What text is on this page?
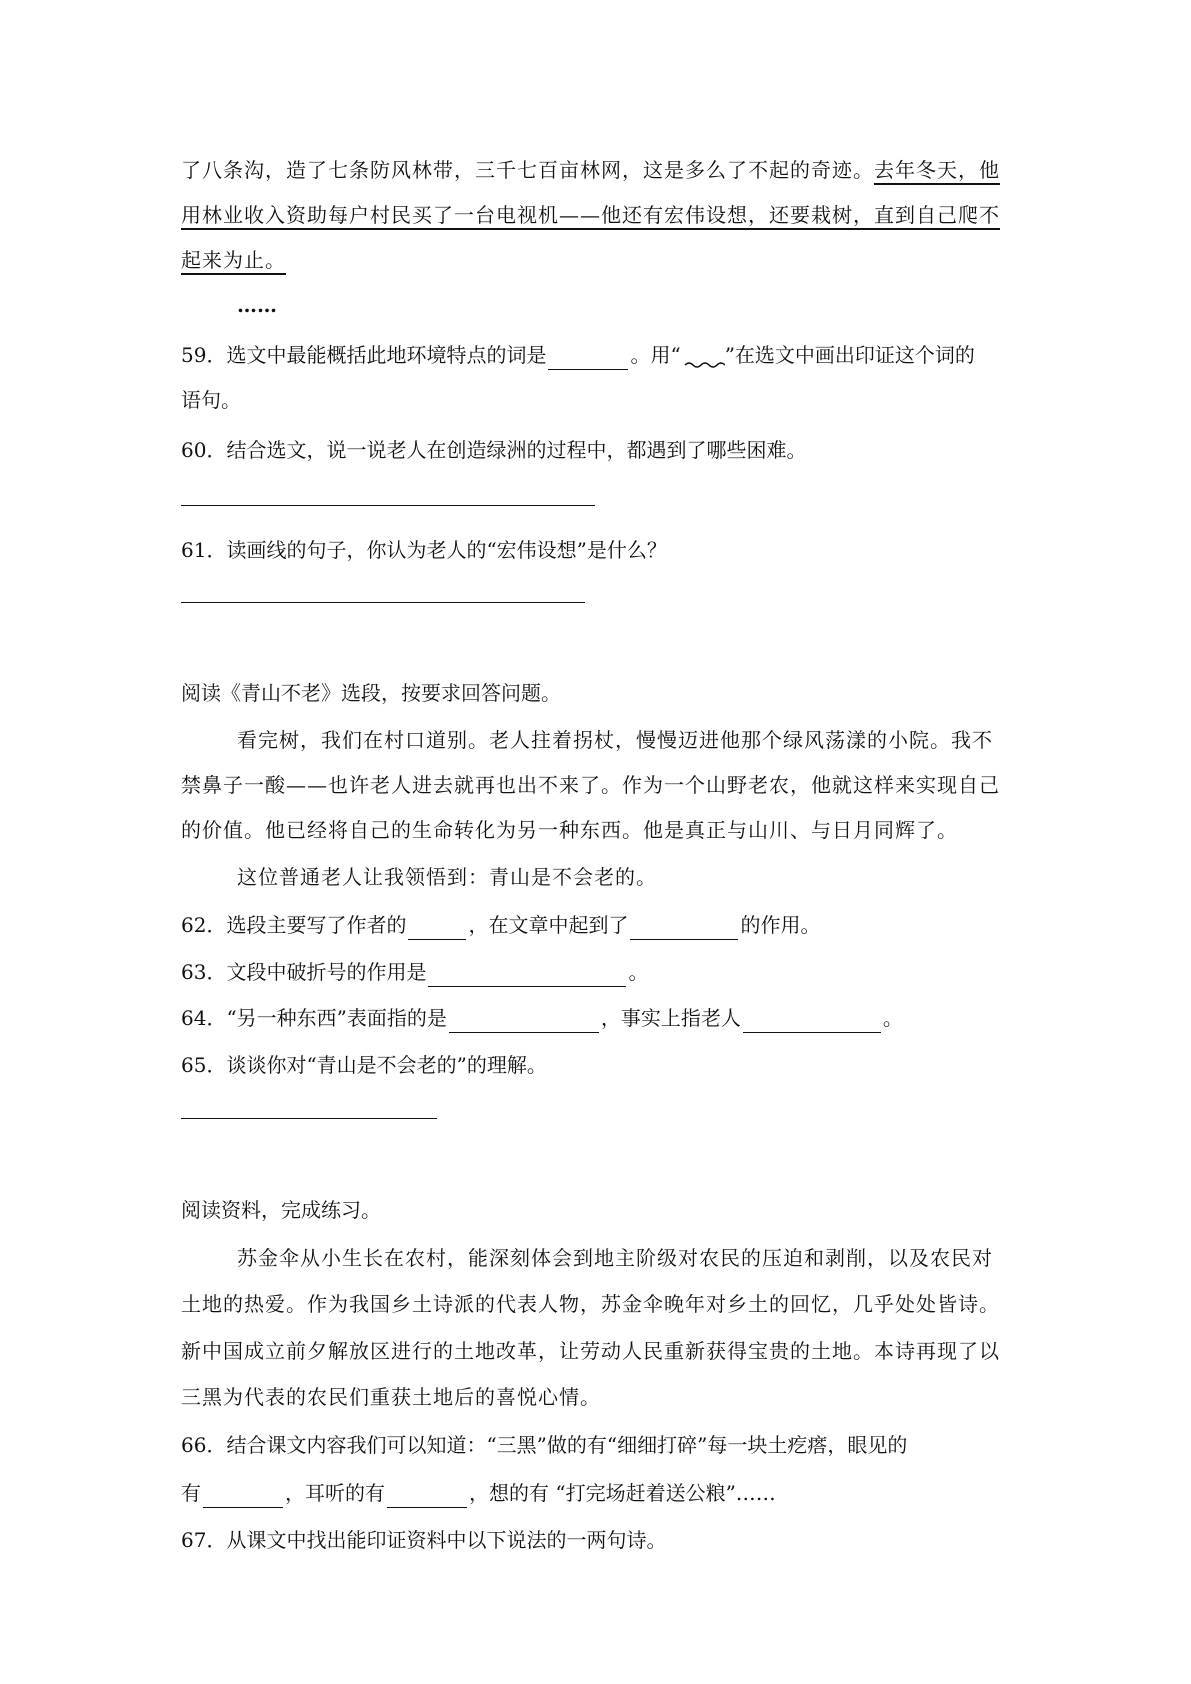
了八条沟，造了七条防风林带，三千七百亩林网，这是多么了不起的奇迹。去年冬天，他
用林业收入资助每户村民买了一台电视机——他还有宏伟设想，还要栽树，直到自己爬不
起来为止。
……
59．选文中最能概括此地环境特点的词是	。用“ ”在选文中画出印证这个词的
语句。
60．结合选文，说一说老人在创造绿洲的过程中，都遇到了哪些困难。
61．读画线的句子，你认为老人的“宏伟设想”是什么？
阅读《青山不老》选段，按要求回答问题。
看完树，我们在村口道别。老人拄着拐杖，慢慢迈进他那个绿风荡漾的小院。我不
禁鼻子一酸——也许老人进去就再也出不来了。作为一个山野老农，他就这样来实现自己
的价值。他已经将自己的生命转化为另一种东西。他是真正与山川、与日月同辉了。
这位普通老人让我领悟到：青山是不会老的。
62．选段主要写了作者的	，在文章中起到了	的作用。
63．文段中破折号的作用是	。
64．“另一种东西”表面指的是	，事实上指老人	。
65．谈谈你对“青山是不会老的”的理解。
阅读资料，完成练习。
苏金伞从小生长在农村，能深刻体会到地主阶级对农民的压迫和剥削，以及农民对
土地的热爱。作为我国乡土诗派的代表人物，苏金伞晚年对乡土的回忆，几乎处处皆诗。
新中国成立前夕解放区进行的土地改革，让劳动人民重新获得宝贵的土地。本诗再现了以
三黑为代表的农民们重获土地后的喜悦心情。
66．结合课文内容我们可以知道：“三黑”做的有“细细打碎”每一块土疙瘩，眼见的
有	，耳听的有	，想的有 “打完场赶着送公粮”……
67．从课文中找出能印证资料中以下说法的一两句诗。
